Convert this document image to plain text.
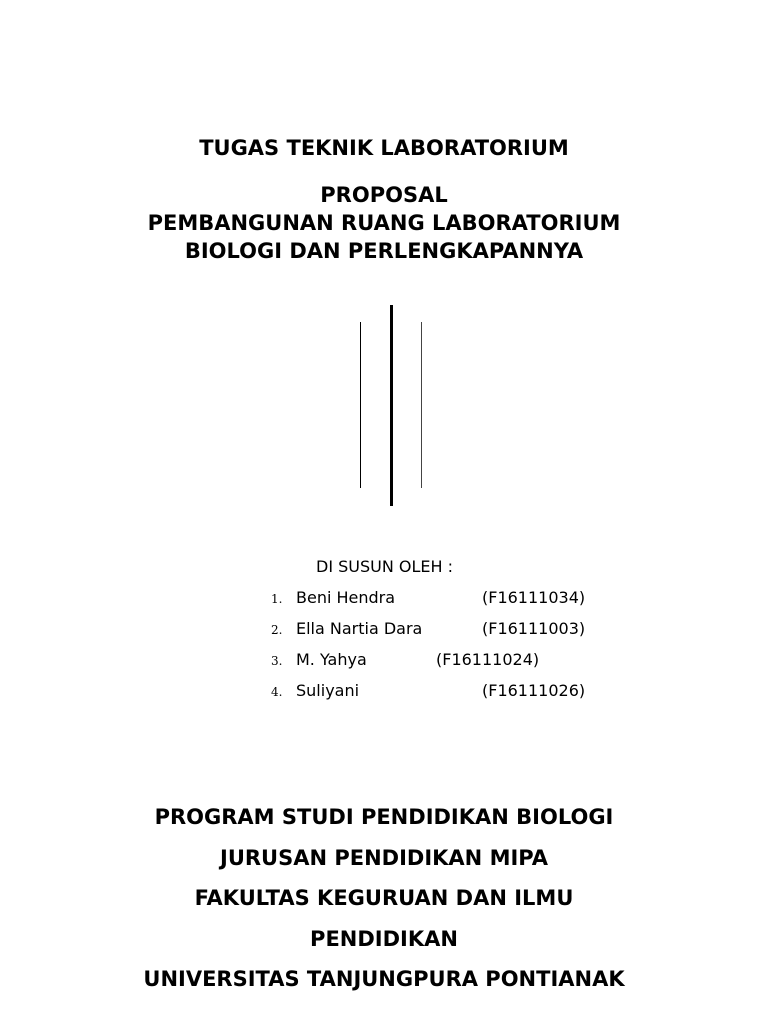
TUGAS TEKNIK LABORATORIUM
PROPOSAL
PEMBANGUNAN RUANG LABORATORIUM
BIOLOGI DAN PERLENGKAPANNYA
DI SUSUN OLEH :
1. Beni Hendra	(F16111034)
2. Ella Nartia Dara	(F16111003)
3. M. Yahya	(F16111024)
4. Suliyani	(F16111026)
PROGRAM STUDI PENDIDIKAN BIOLOGI
JURUSAN PENDIDIKAN MIPA
FAKULTAS KEGURUAN DAN ILMU
PENDIDIKAN
UNIVERSITAS TANJUNGPURA PONTIANAK
